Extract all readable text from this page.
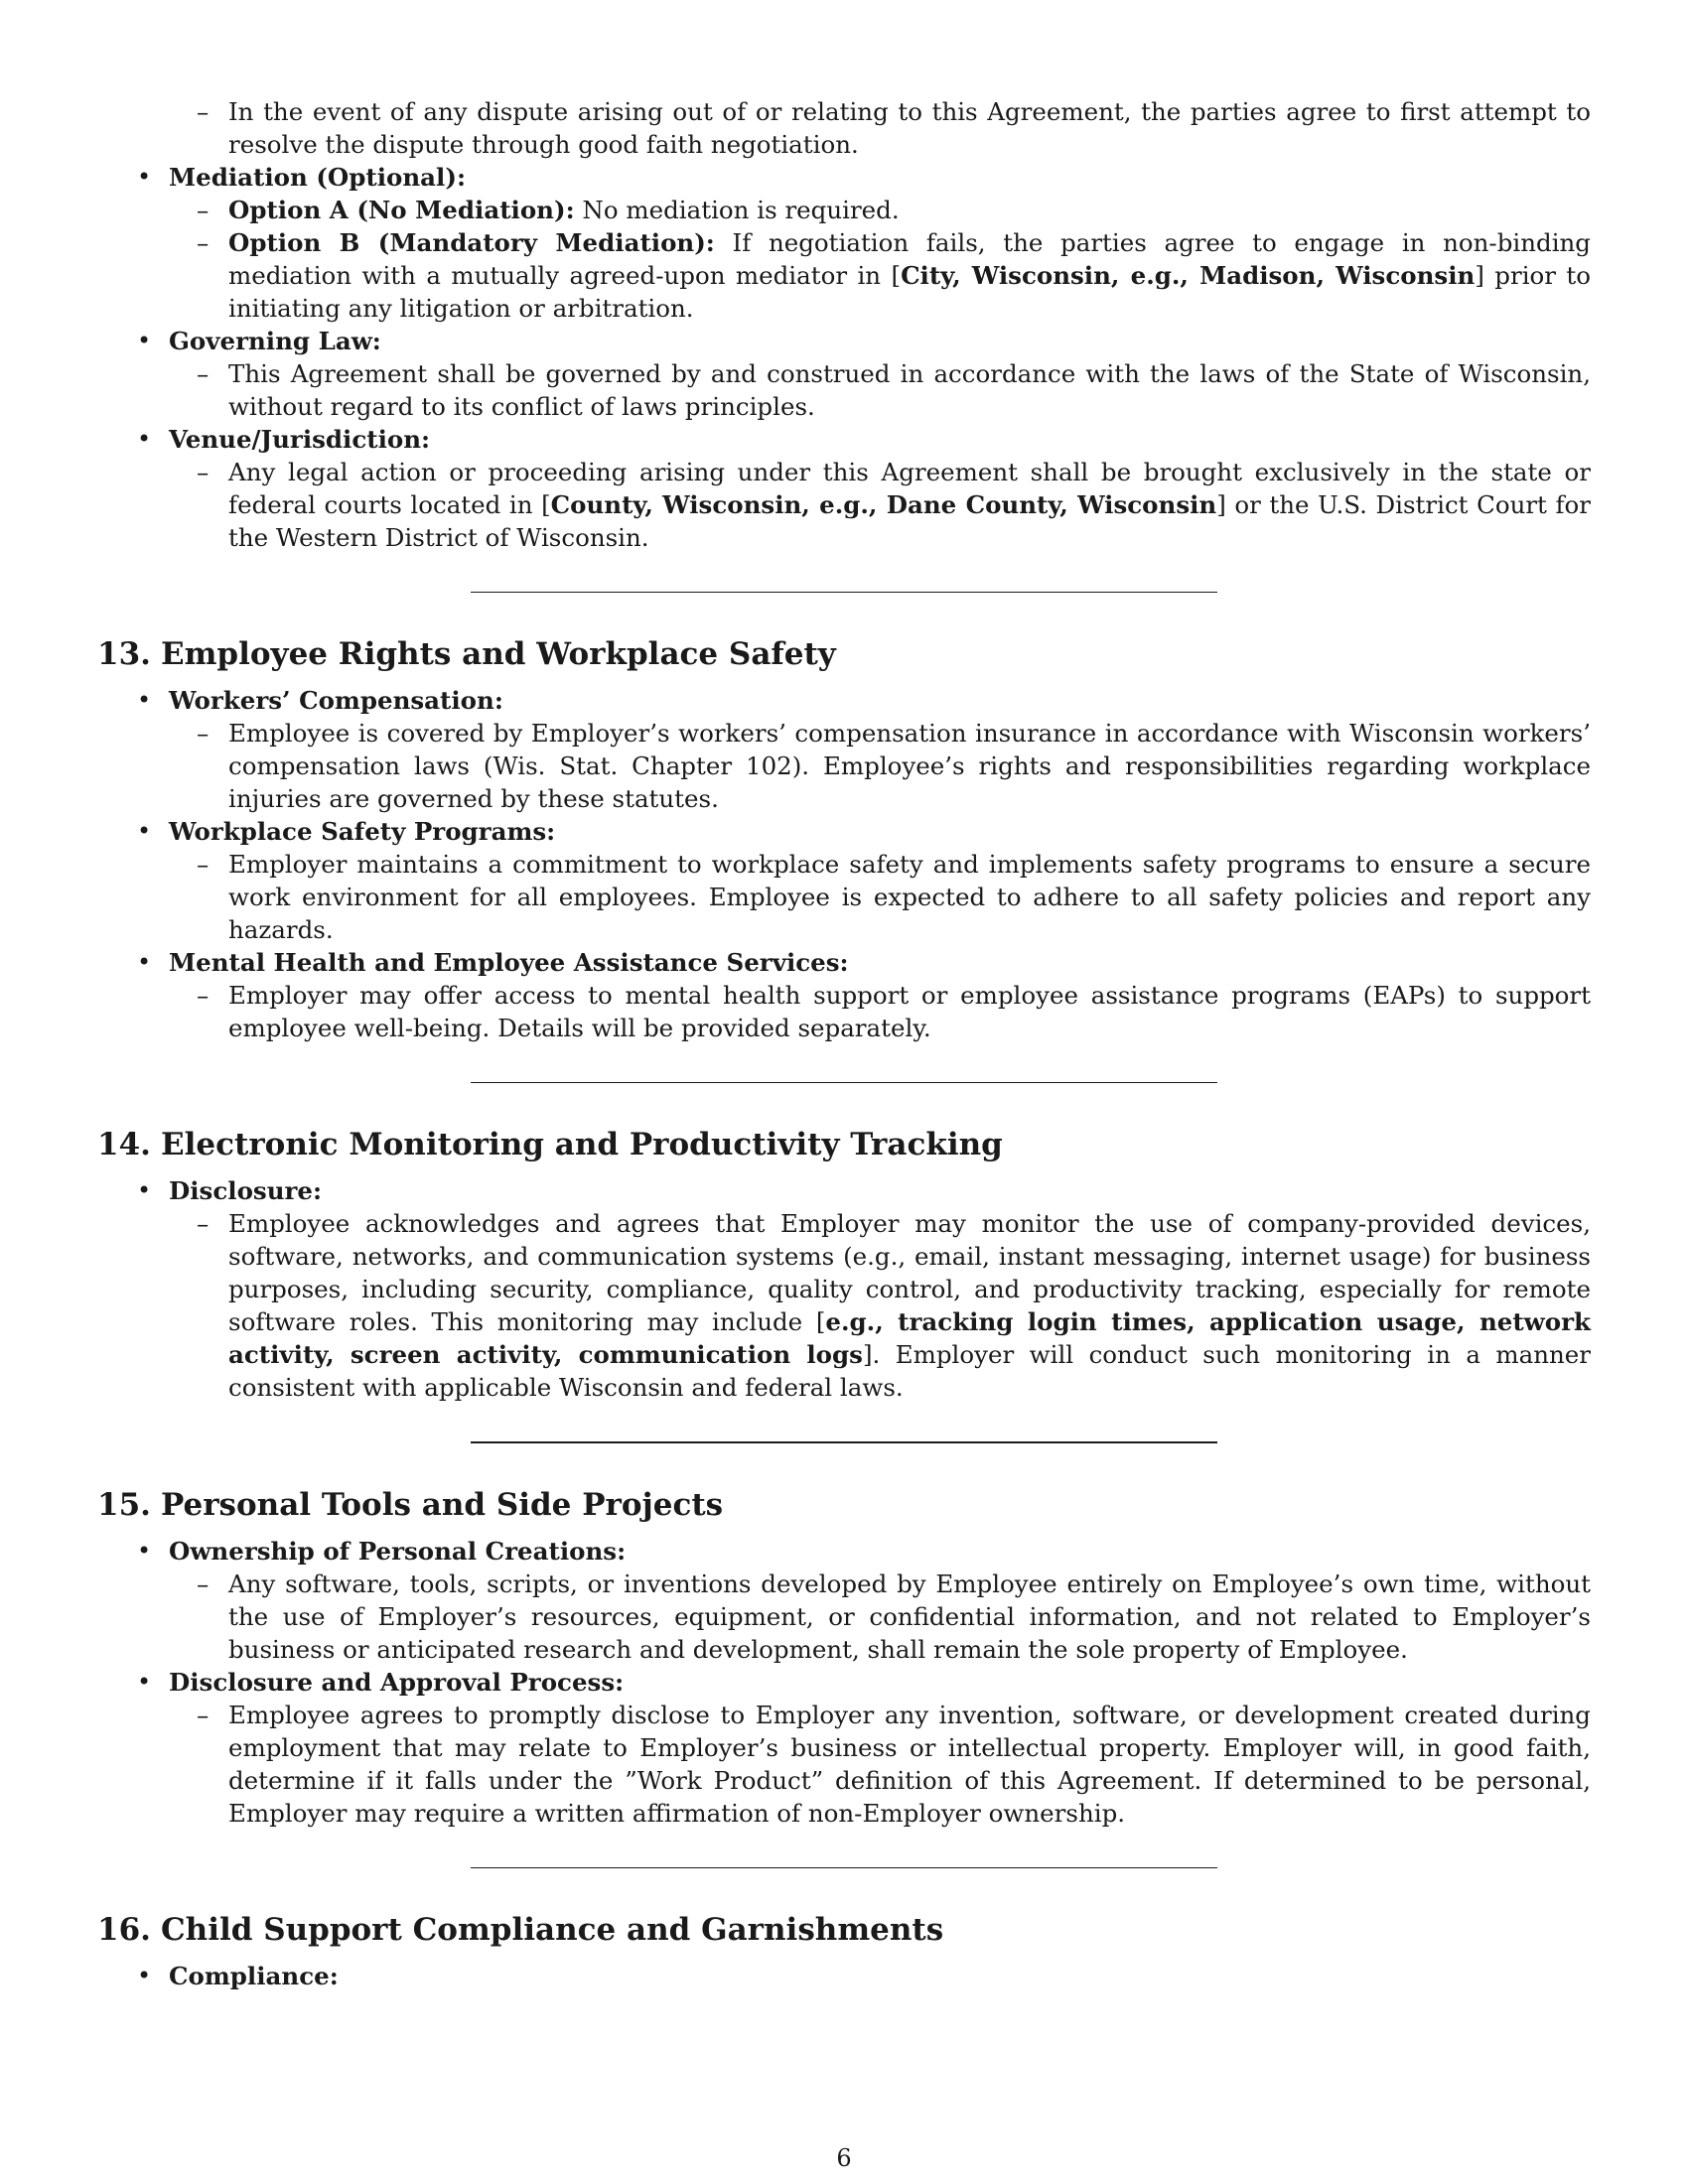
– In the event of any dispute arising out of or relating to this Agreement, the parties agree to first attempt to resolve the dispute through good faith negotiation.
• Mediation (Optional):
– Option A (No Mediation): No mediation is required.
– Option B (Mandatory Mediation): If negotiation fails, the parties agree to engage in non-binding mediation with a mutually agreed-upon mediator in [City, Wisconsin, e.g., Madison, Wisconsin] prior to initiating any litigation or arbitration.
• Governing Law:
– This Agreement shall be governed by and construed in accordance with the laws of the State of Wisconsin, without regard to its conflict of laws principles.
• Venue/Jurisdiction:
– Any legal action or proceeding arising under this Agreement shall be brought exclusively in the state or federal courts located in [County, Wisconsin, e.g., Dane County, Wisconsin] or the U.S. District Court for the Western District of Wisconsin.
13. Employee Rights and Workplace Safety
• Workers’ Compensation:
– Employee is covered by Employer’s workers’ compensation insurance in accordance with Wisconsin workers’ compensation laws (Wis. Stat. Chapter 102). Employee’s rights and responsibilities regarding workplace injuries are governed by these statutes.
• Workplace Safety Programs:
– Employer maintains a commitment to workplace safety and implements safety programs to ensure a secure work environment for all employees. Employee is expected to adhere to all safety policies and report any hazards.
• Mental Health and Employee Assistance Services:
– Employer may offer access to mental health support or employee assistance programs (EAPs) to support employee well-being. Details will be provided separately.
14. Electronic Monitoring and Productivity Tracking
• Disclosure:
– Employee acknowledges and agrees that Employer may monitor the use of company-provided devices, software, networks, and communication systems (e.g., email, instant messaging, internet usage) for business purposes, including security, compliance, quality control, and productivity tracking, especially for remote software roles. This monitoring may include [e.g., tracking login times, application usage, network activity, screen activity, communication logs]. Employer will conduct such monitoring in a manner consistent with applicable Wisconsin and federal laws.
15. Personal Tools and Side Projects
• Ownership of Personal Creations:
– Any software, tools, scripts, or inventions developed by Employee entirely on Employee’s own time, without the use of Employer’s resources, equipment, or confidential information, and not related to Employer’s business or anticipated research and development, shall remain the sole property of Employee.
• Disclosure and Approval Process:
– Employee agrees to promptly disclose to Employer any invention, software, or development created during employment that may relate to Employer’s business or intellectual property. Employer will, in good faith, determine if it falls under the ”Work Product” definition of this Agreement. If determined to be personal, Employer may require a written affirmation of non-Employer ownership.
16. Child Support Compliance and Garnishments
• Compliance:
6
